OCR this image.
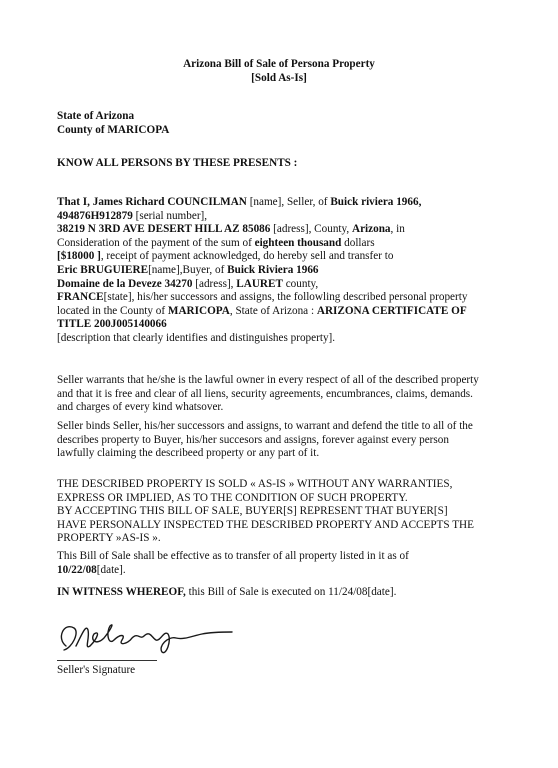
Arizona Bill of Sale of Persona Property

[Sold As-Is]

State of Arizona

County of MARICOPA

KNOW ALL PERSONS BY THESE PRESENTS :

That I, James Richard COUNCILMAN [name], Seller, of Buick riviera 1966,

494876H912879 [serial number],

38219 N 3RD AVE DESERT HILL AZ 85086 [adress], County, Arizona, in

Consideration of the payment of the sum of eighteen thousand dollars

[$18000 ], receipt of payment acknowledged, do hereby sell and transfer to

Eric BRUGUIERE[name],Buyer, of Buick Riviera 1966

Domaine de la Deveze 34270 [adress], LAURET county,

FRANCE[state], his/her successors and assigns, the followling described personal property

located in the County of MARICOPA, State of Arizona : ARIZONA CERTIFICATE OF

TITLE 200J005140066

[description that clearly identifies and distinguishes property].

Seller warrants that he/she is the lawful owner in every respect of all of the described property

and that it is free and clear of all liens, security agreements, encumbrances, claims, demands.

and charges of every kind whatsover.

Seller binds Seller, his/her successors and assigns, to warrant and defend the title to all of the

describes property to Buyer, his/her succesors and assigns, forever against every person

lawfully claiming the describeed property or any part of it.

THE DESCRIBED PROPERTY IS SOLD « AS-IS » WITHOUT ANY WARRANTIES,

EXPRESS OR IMPLIED, AS TO THE CONDITION OF SUCH PROPERTY.

BY ACCEPTING THIS BILL OF SALE, BUYER[S] REPRESENT THAT BUYER[S]

HAVE PERSONALLY INSPECTED THE DESCRIBED PROPERTY AND ACCEPTS THE

PROPERTY »AS-IS ».

This Bill of Sale shall be effective as to transfer of all property listed in it as of

10/22/08[date].

IN WITNESS WHEREOF, this Bill of Sale is executed on 11/24/08[date].

Seller's Signature
